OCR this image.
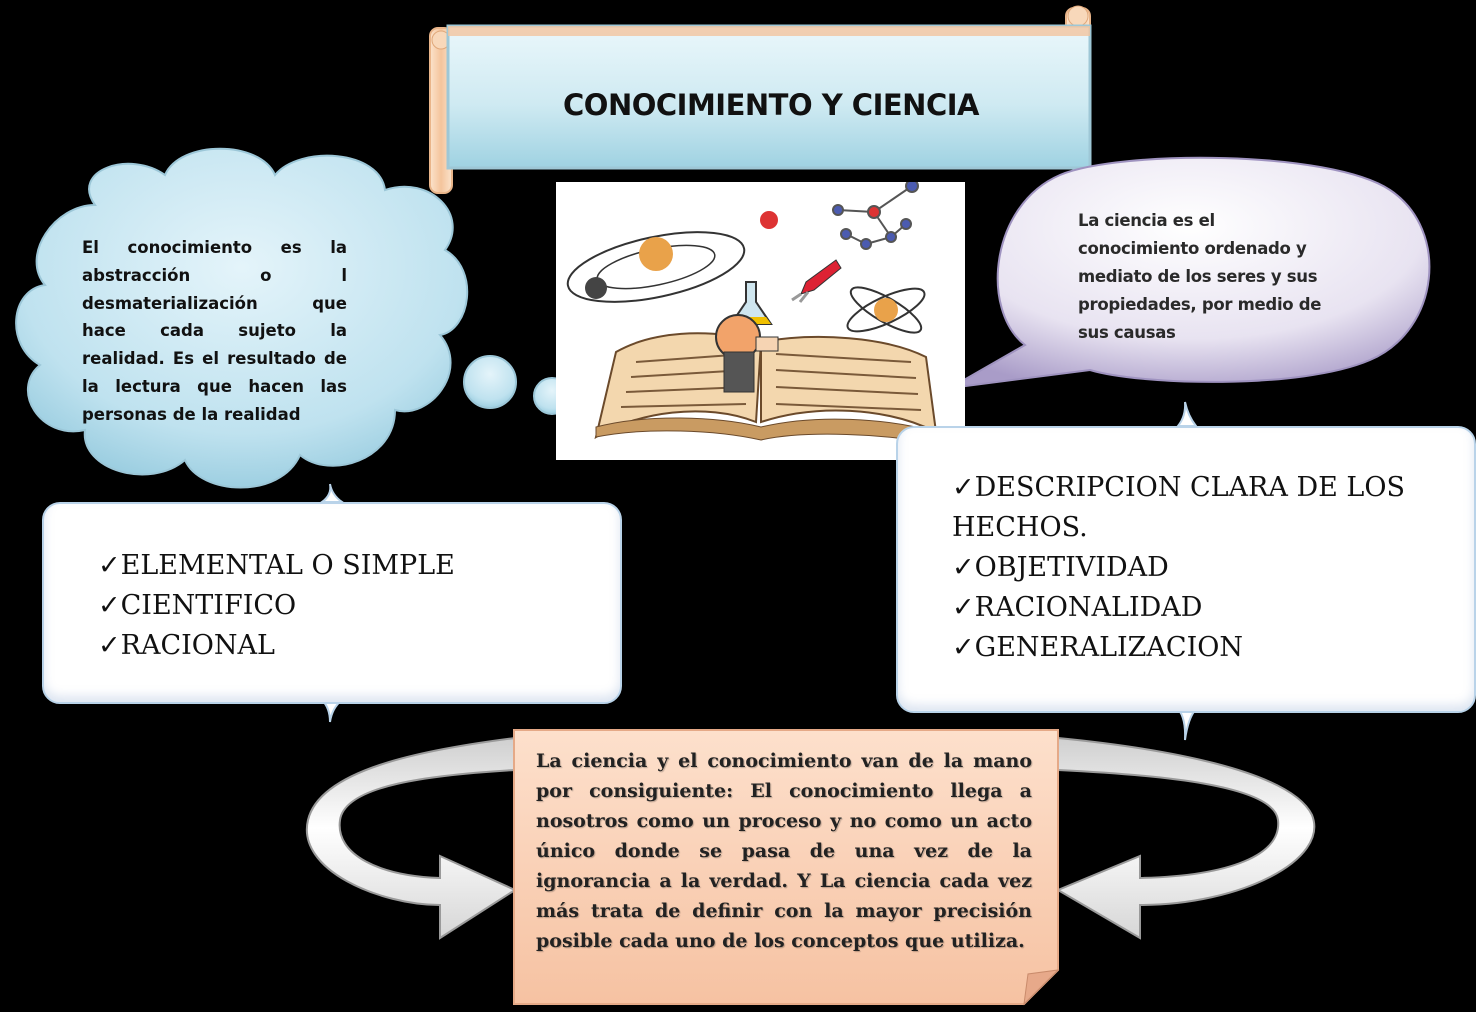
CONOCIMIENTO Y CIENCIA
El conocimiento es la
abstracción o l
desmaterialización que
hace cada sujeto la
realidad. Es el resultado de
la lectura que hacen las
personas de la realidad
La ciencia es el
conocimiento ordenado y
mediato de los seres y sus
propiedades, por medio de
sus causas
✓ELEMENTAL O SIMPLE
✓CIENTIFICO
✓RACIONAL
✓DESCRIPCION CLARA DE LOS HECHOS.
✓OBJETIVIDAD
✓RACIONALIDAD
✓GENERALIZACION
La ciencia y el conocimiento van de la mano por consiguiente: El conocimiento llega a nosotros como un proceso y no como un acto único donde se pasa de una vez de la ignorancia a la verdad. Y La ciencia cada vez más trata de definir con la mayor precisión posible cada uno de los conceptos que utiliza.
